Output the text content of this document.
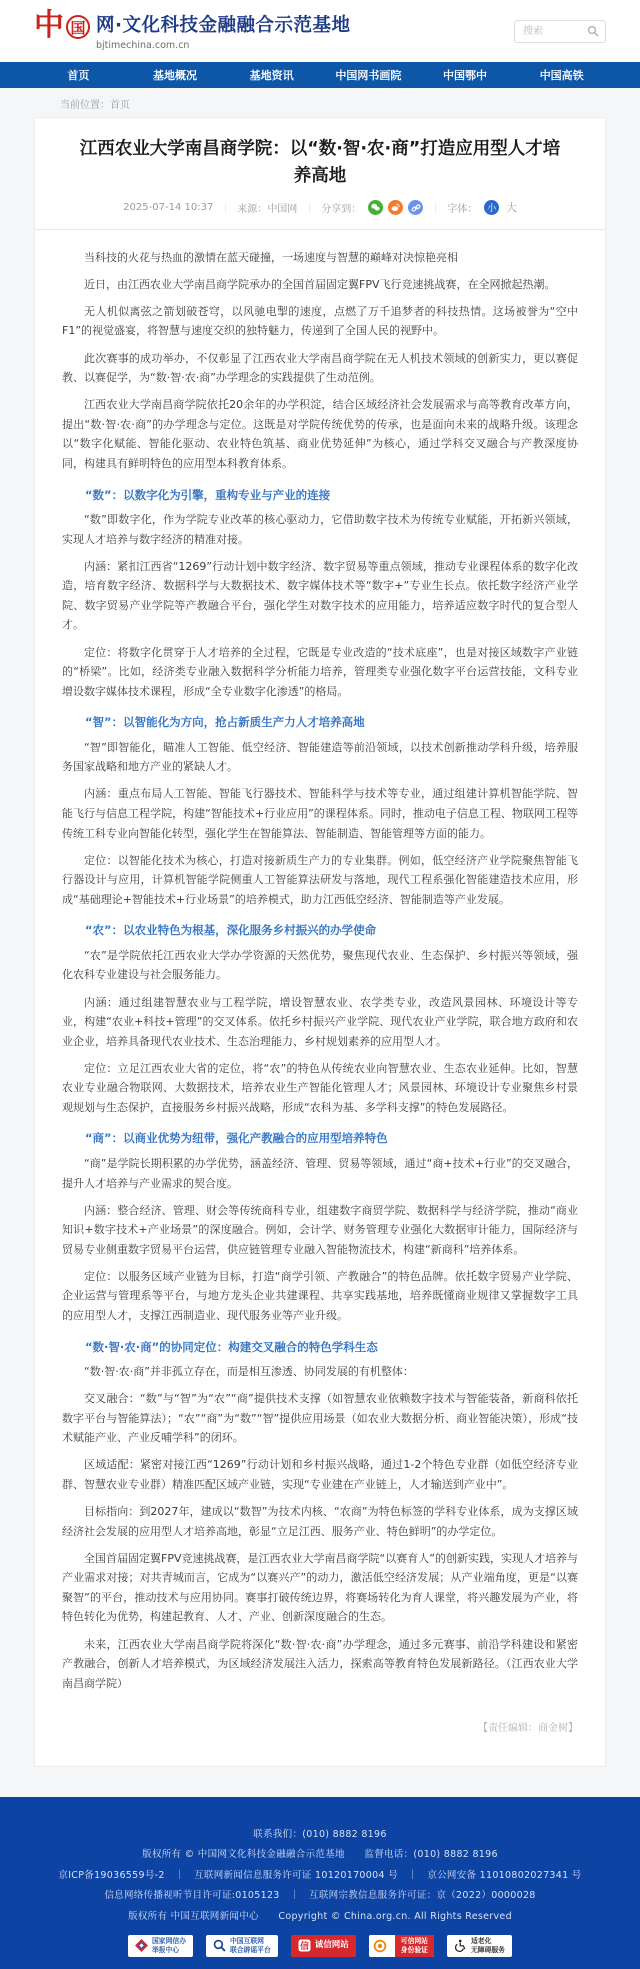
中 国 网·文化科技金融融合示范基地
bjtimechina.com.cn
搜索
首页	基地概况	基地资讯	中国网书画院	中国鄂中	中国高铁
当前位置：首页
江西农业大学南昌商学院：以“数·智·农·商”打造应用型人才培养高地
2025-07-14 10:37 ｜ 来源：中国网 ｜ 分享到：	｜ 字体：	小 大

当科技的火花与热血的激情在蓝天碰撞，一场速度与智慧的巅峰对决惊艳亮相

近日，由江西农业大学南昌商学院承办的全国首届固定翼FPV飞行竞速挑战赛，在全网掀起热潮。

无人机似离弦之箭划破苍穹，以风驰电掣的速度，点燃了万千追梦者的科技热情。这场被誉为“空中F1”的视觉盛宴，将智慧与速度交织的独特魅力，传递到了全国人民的视野中。

此次赛事的成功举办，不仅彰显了江西农业大学南昌商学院在无人机技术领域的创新实力，更以赛促教、以赛促学，为“数·智·农·商”办学理念的实践提供了生动范例。

江西农业大学南昌商学院依托20余年的办学积淀，结合区域经济社会发展需求与高等教育改革方向，提出“数·智·农·商”的办学理念与定位。这既是对学院传统优势的传承，也是面向未来的战略升级。该理念以“数字化赋能、智能化驱动、农业特色筑基、商业优势延伸”为核心，通过学科交叉融合与产教深度协同，构建具有鲜明特色的应用型本科教育体系。

“数”：以数字化为引擎，重构专业与产业的连接

“数”即数字化，作为学院专业改革的核心驱动力，它借助数字技术为传统专业赋能，开拓新兴领域，实现人才培养与数字经济的精准对接。

内涵：紧扣江西省“1269”行动计划中数字经济、数字贸易等重点领域，推动专业课程体系的数字化改造，培育数字经济、数据科学与大数据技术、数字媒体技术等“数字+”专业生长点。依托数字经济产业学院、数字贸易产业学院等产教融合平台，强化学生对数字技术的应用能力，培养适应数字时代的复合型人才。

定位：将数字化贯穿于人才培养的全过程，它既是专业改造的“技术底座”，也是对接区域数字产业链的“桥梁”。比如，经济类专业融入数据科学分析能力培养，管理类专业强化数字平台运营技能，文科专业增设数字媒体技术课程，形成“全专业数字化渗透”的格局。

“智”：以智能化为方向，抢占新质生产力人才培养高地

“智”即智能化，瞄准人工智能、低空经济、智能建造等前沿领域，以技术创新推动学科升级，培养服务国家战略和地方产业的紧缺人才。

内涵：重点布局人工智能、智能飞行器技术、智能科学与技术等专业，通过组建计算机智能学院、智能飞行与信息工程学院，构建“智能技术+行业应用”的课程体系。同时，推动电子信息工程、物联网工程等传统工科专业向智能化转型，强化学生在智能算法、智能制造、智能管理等方面的能力。

定位：以智能化技术为核心，打造对接新质生产力的专业集群。例如，低空经济产业学院聚焦智能飞行器设计与应用，计算机智能学院侧重人工智能算法研发与落地，现代工程系强化智能建造技术应用，形成“基础理论+智能技术+行业场景”的培养模式，助力江西低空经济、智能制造等产业发展。

“农”：以农业特色为根基，深化服务乡村振兴的办学使命

“农”是学院依托江西农业大学办学资源的天然优势，聚焦现代农业、生态保护、乡村振兴等领域，强化农科专业建设与社会服务能力。

内涵：通过组建智慧农业与工程学院，增设智慧农业、农学类专业，改造风景园林、环境设计等专业，构建“农业+科技+管理”的交叉体系。依托乡村振兴产业学院、现代农业产业学院，联合地方政府和农业企业，培养具备现代农业技术、生态治理能力、乡村规划素养的应用型人才。

定位：立足江西农业大省的定位，将“农”的特色从传统农业向智慧农业、生态农业延伸。比如，智慧农业专业融合物联网、大数据技术，培养农业生产智能化管理人才；风景园林、环境设计专业聚焦乡村景观规划与生态保护，直接服务乡村振兴战略，形成“农科为基、多学科支撑”的特色发展路径。

“商”：以商业优势为纽带，强化产教融合的应用型培养特色

“商”是学院长期积累的办学优势，涵盖经济、管理、贸易等领域，通过“商+技术+行业”的交叉融合，提升人才培养与产业需求的契合度。

内涵：整合经济、管理、财会等传统商科专业，组建数字商贸学院、数据科学与经济学院，推动“商业知识+数字技术+产业场景”的深度融合。例如，会计学、财务管理专业强化大数据审计能力，国际经济与贸易专业侧重数字贸易平台运营，供应链管理专业融入智能物流技术，构建“新商科”培养体系。

定位：以服务区域产业链为目标，打造“商学引领、产教融合”的特色品牌。依托数字贸易产业学院、企业运营与管理系等平台，与地方龙头企业共建课程、共享实践基地，培养既懂商业规律又掌握数字工具的应用型人才，支撑江西制造业、现代服务业等产业升级。

“数·智·农·商”的协同定位：构建交叉融合的特色学科生态

“数·智·农·商”并非孤立存在，而是相互渗透、协同发展的有机整体：

交叉融合：“数”与“智”为“农”“商”提供技术支撑（如智慧农业依赖数字技术与智能装备，新商科依托数字平台与智能算法）；“农”“商”为“数”“智”提供应用场景（如农业大数据分析、商业智能决策），形成“技术赋能产业、产业反哺学科”的闭环。

区域适配：紧密对接江西“1269”行动计划和乡村振兴战略，通过1-2个特色专业群（如低空经济专业群、智慧农业专业群）精准匹配区域产业链，实现“专业建在产业链上，人才输送到产业中”。

目标指向：到2027年，建成以“数智”为技术内核、“农商”为特色标签的学科专业体系，成为支撑区域经济社会发展的应用型人才培养高地，彰显“立足江西、服务产业、特色鲜明”的办学定位。

全国首届固定翼FPV竞速挑战赛，是江西农业大学南昌商学院“以赛育人”的创新实践，实现人才培养与产业需求对接；对共青城而言，它成为“以赛兴产”的动力，激活低空经济发展；从产业端角度，更是“以赛聚智”的平台，推动技术与应用协同。赛事打破传统边界，将赛场转化为育人课堂，将兴趣发展为产业，将特色转化为优势，构建起教育、人才、产业、创新深度融合的生态。

未来，江西农业大学南昌商学院将深化“数·智·农·商”办学理念，通过多元赛事、前沿学科建设和紧密产教融合，创新人才培养模式，为区域经济发展注入活力，探索高等教育特色发展新路径。（江西农业大学南昌商学院）

【责任编辑：商金树】
联系我们：(010) 8882 8196
版权所有 © 中国网文化科技金融融合示范基地　　监督电话：(010) 8882 8196
京ICP备19036559号-2　｜　互联网新闻信息服务许可证 10120170004 号　｜　京公网安备 11010802027341 号
信息网络传播视听节目许可证:0105123　｜　互联网宗教信息服务许可证：京（2022）0000028
版权所有 中国互联网新闻中心　　Copyright © China.org.cn. All Rights Reserved
国家网信办
举报中心
中国互联网
联合辟谣平台	信 诚信网站	可信网站
身份验证
适老化
无障碍服务
